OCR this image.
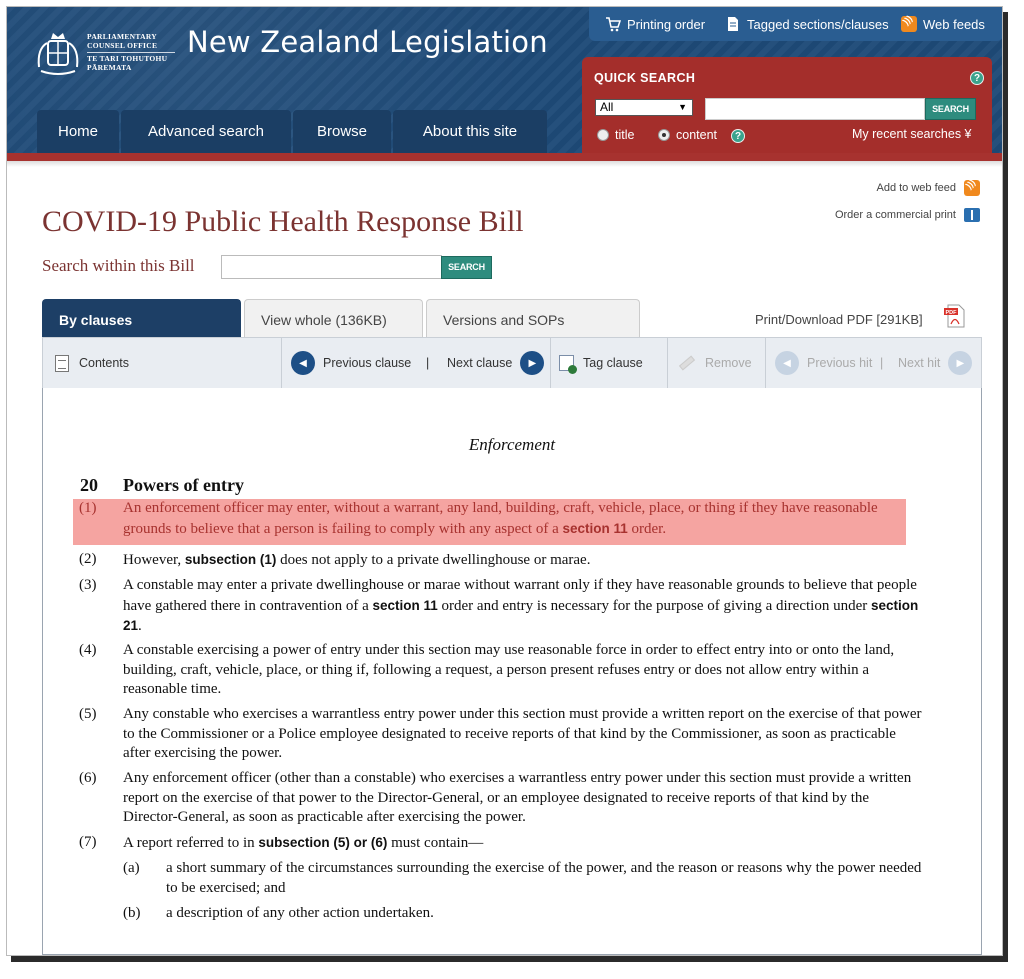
PARLIAMENTARY
COUNSEL OFFICE
TE TARI TOHUTOHU
PĀREMATA
New Zealand Legislation
Printing order	Tagged sections/clauses
)))	Web feeds
QUICK SEARCH	?
All	▼	SEARCH
title	content	?	My recent searches ¥
Home	Advanced search	Browse	About this site
Add to web feed
)))
Order a commercial print
COVID-19 Public Health Response Bill
Search within this Bill	SEARCH
By clauses	View whole (136KB)	Versions and SOPs	Print/Download PDF [291KB]	PDF
Contents	◀	Previous clause | Next clause	▶	Tag clause	Remove	◀	Previous hit | Next hit	▶
Enforcement
20 Powers of entry
(1)	An enforcement officer may enter, without a warrant, any land, building, craft, vehicle, place, or thing if they have reasonable grounds to believe that a person is failing to comply with any aspect of a section 11 order.
(2)	However, subsection (1) does not apply to a private dwellinghouse or marae.
(3)	A constable may enter a private dwellinghouse or marae without warrant only if they have reasonable grounds to believe that people have gathered there in contravention of a section 11 order and entry is necessary for the purpose of giving a direction under section 21.
(4)	A constable exercising a power of entry under this section may use reasonable force in order to effect entry into or onto the land, building, craft, vehicle, place, or thing if, following a request, a person present refuses entry or does not allow entry within a reasonable time.
(5)	Any constable who exercises a warrantless entry power under this section must provide a written report on the exercise of that power to the Commissioner or a Police employee designated to receive reports of that kind by the Commissioner, as soon as practicable after exercising the power.
(6)	Any enforcement officer (other than a constable) who exercises a warrantless entry power under this section must provide a written report on the exercise of that power to the Director-General, or an employee designated to receive reports of that kind by the Director-General, as soon as practicable after exercising the power.
(7)	A report referred to in subsection (5) or (6) must contain—
(a) a short summary of the circumstances surrounding the exercise of the power, and the reason or reasons why the power needed to be exercised; and
(b) a description of any other action undertaken.
